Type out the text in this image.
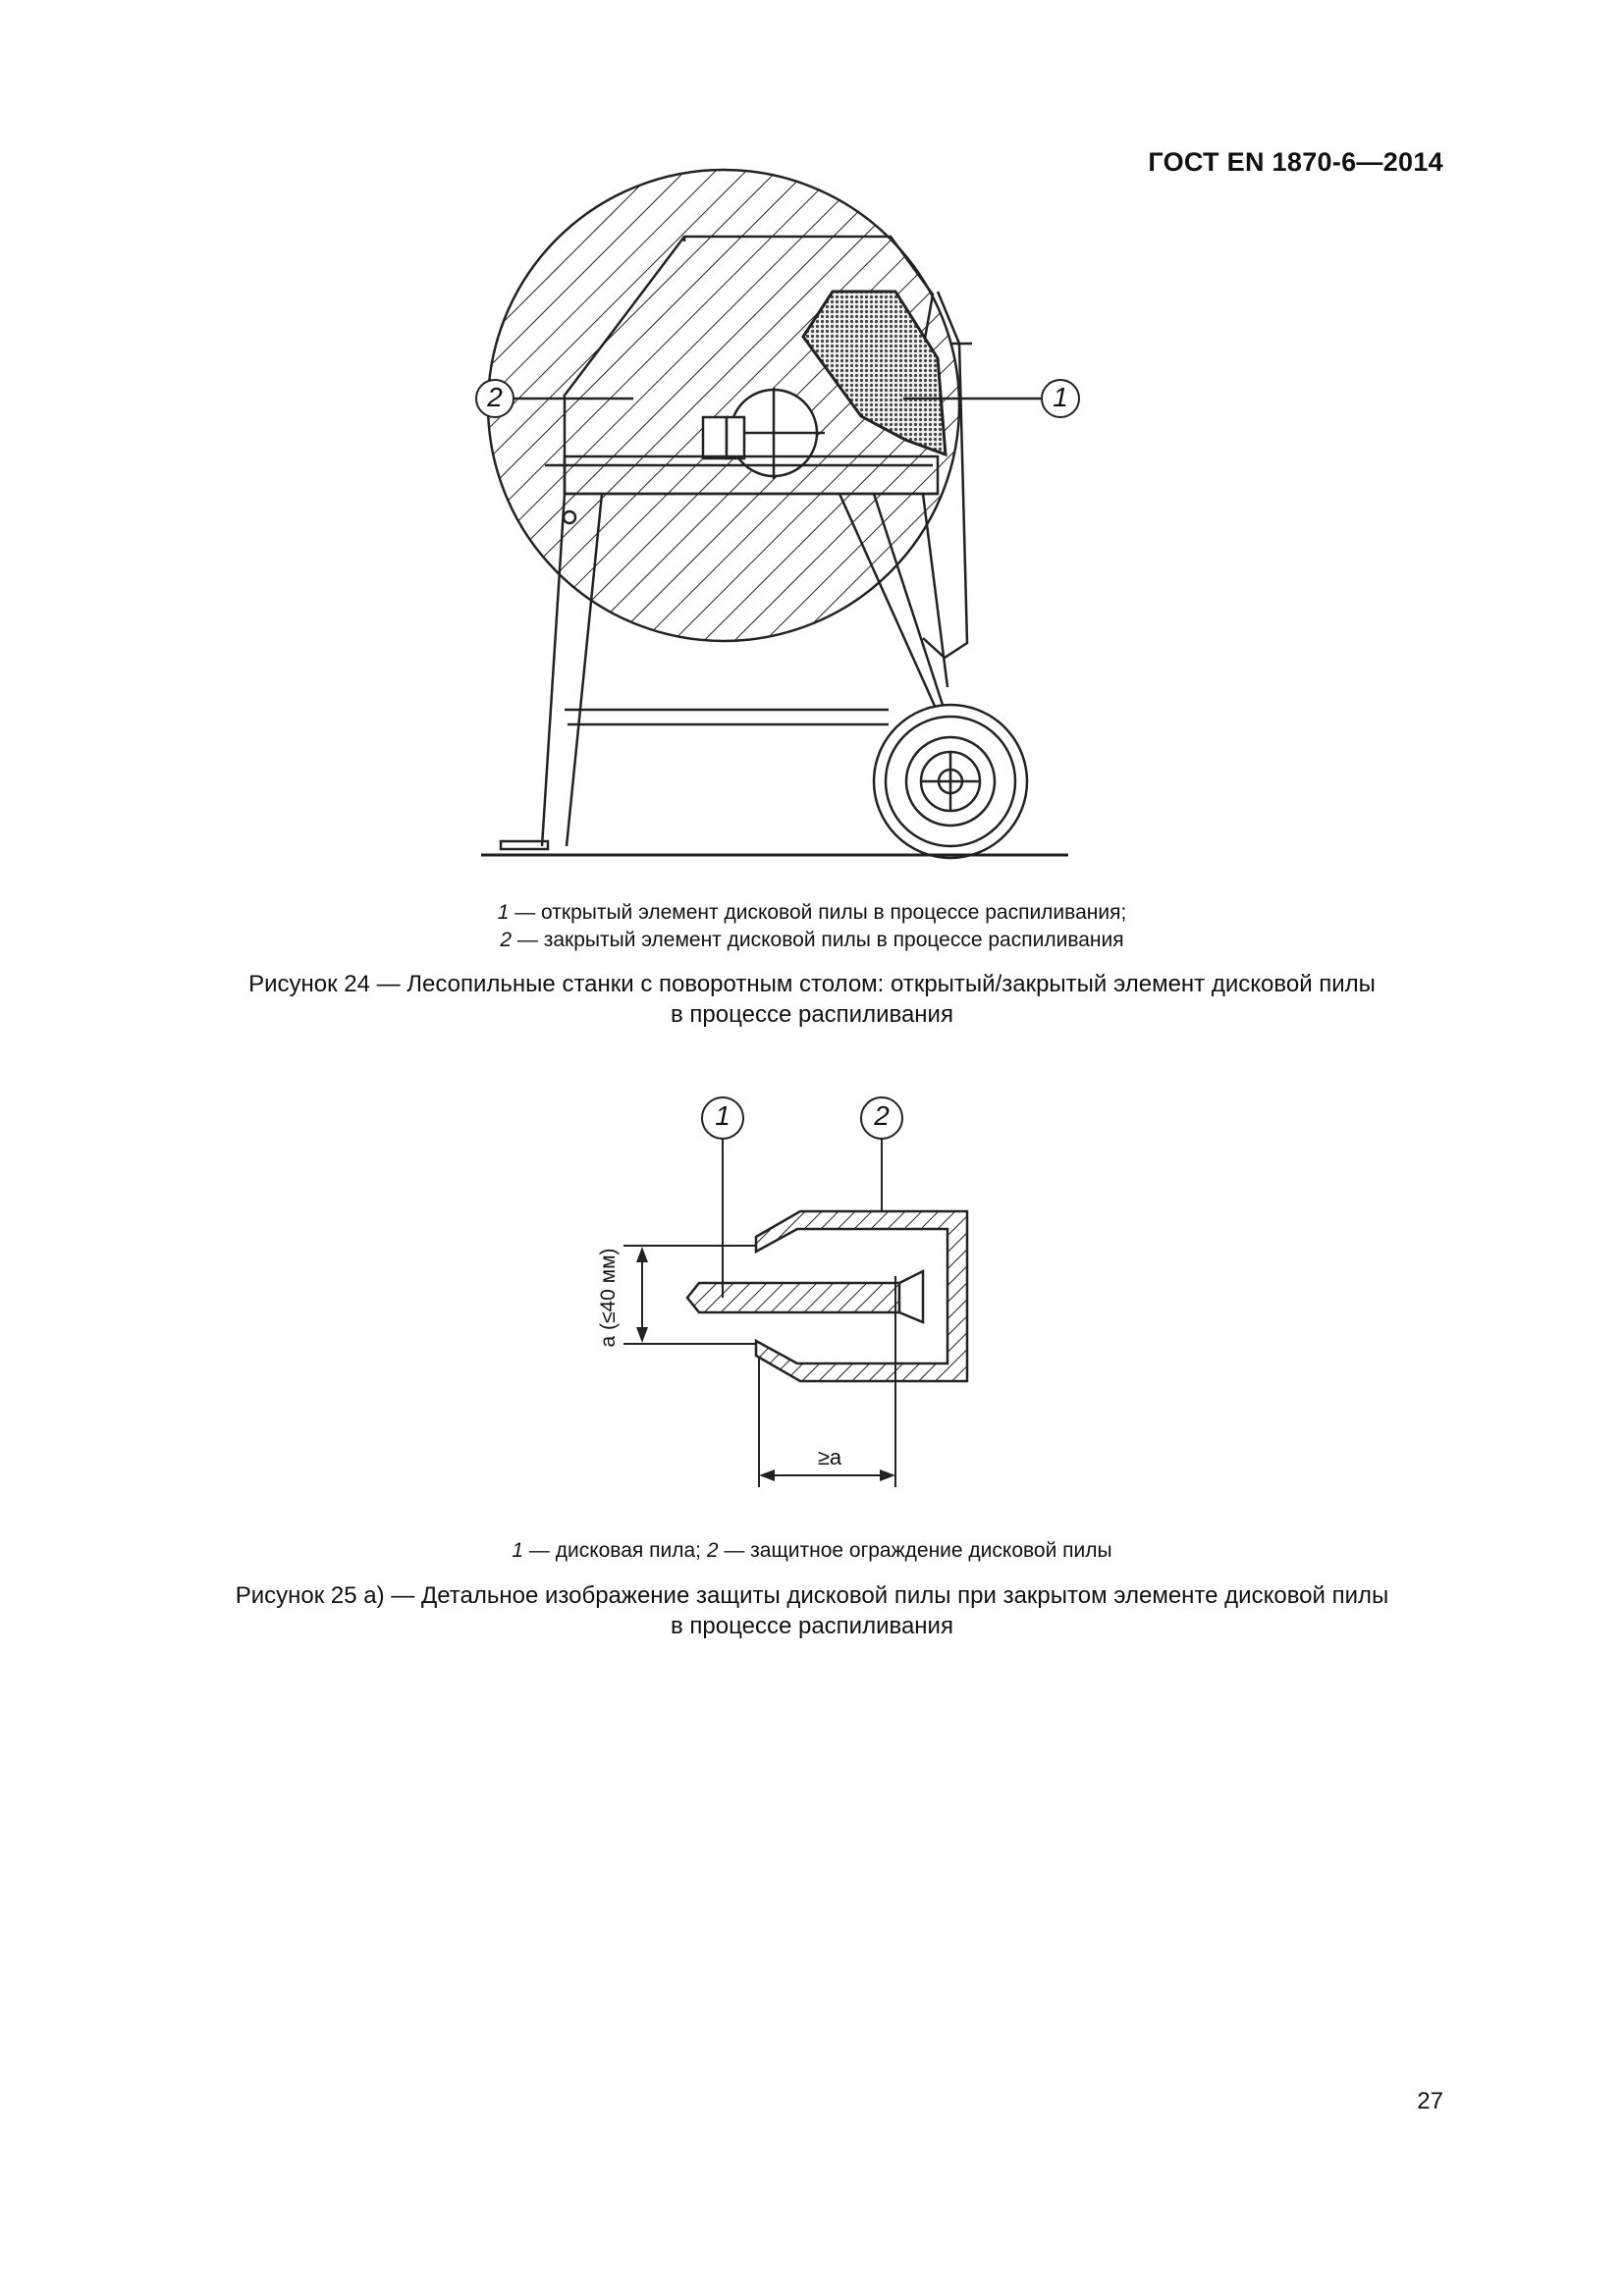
ГОСТ EN 1870-6—2014
2	1
1 — открытый элемент дисковой пилы в процессе распиливания;
2 — закрытый элемент дисковой пилы в процессе распиливания
Рисунок 24 — Лесопильные станки с поворотным столом: открытый/закрытый элемент дисковой пилы
в процессе распиливания
1	2
a (≤40 мм)
≥a
1 — дисковая пила; 2 — защитное ограждение дисковой пилы
Рисунок 25 а) — Детальное изображение защиты дисковой пилы при закрытом элементе дисковой пилы
в процессе распиливания
27
